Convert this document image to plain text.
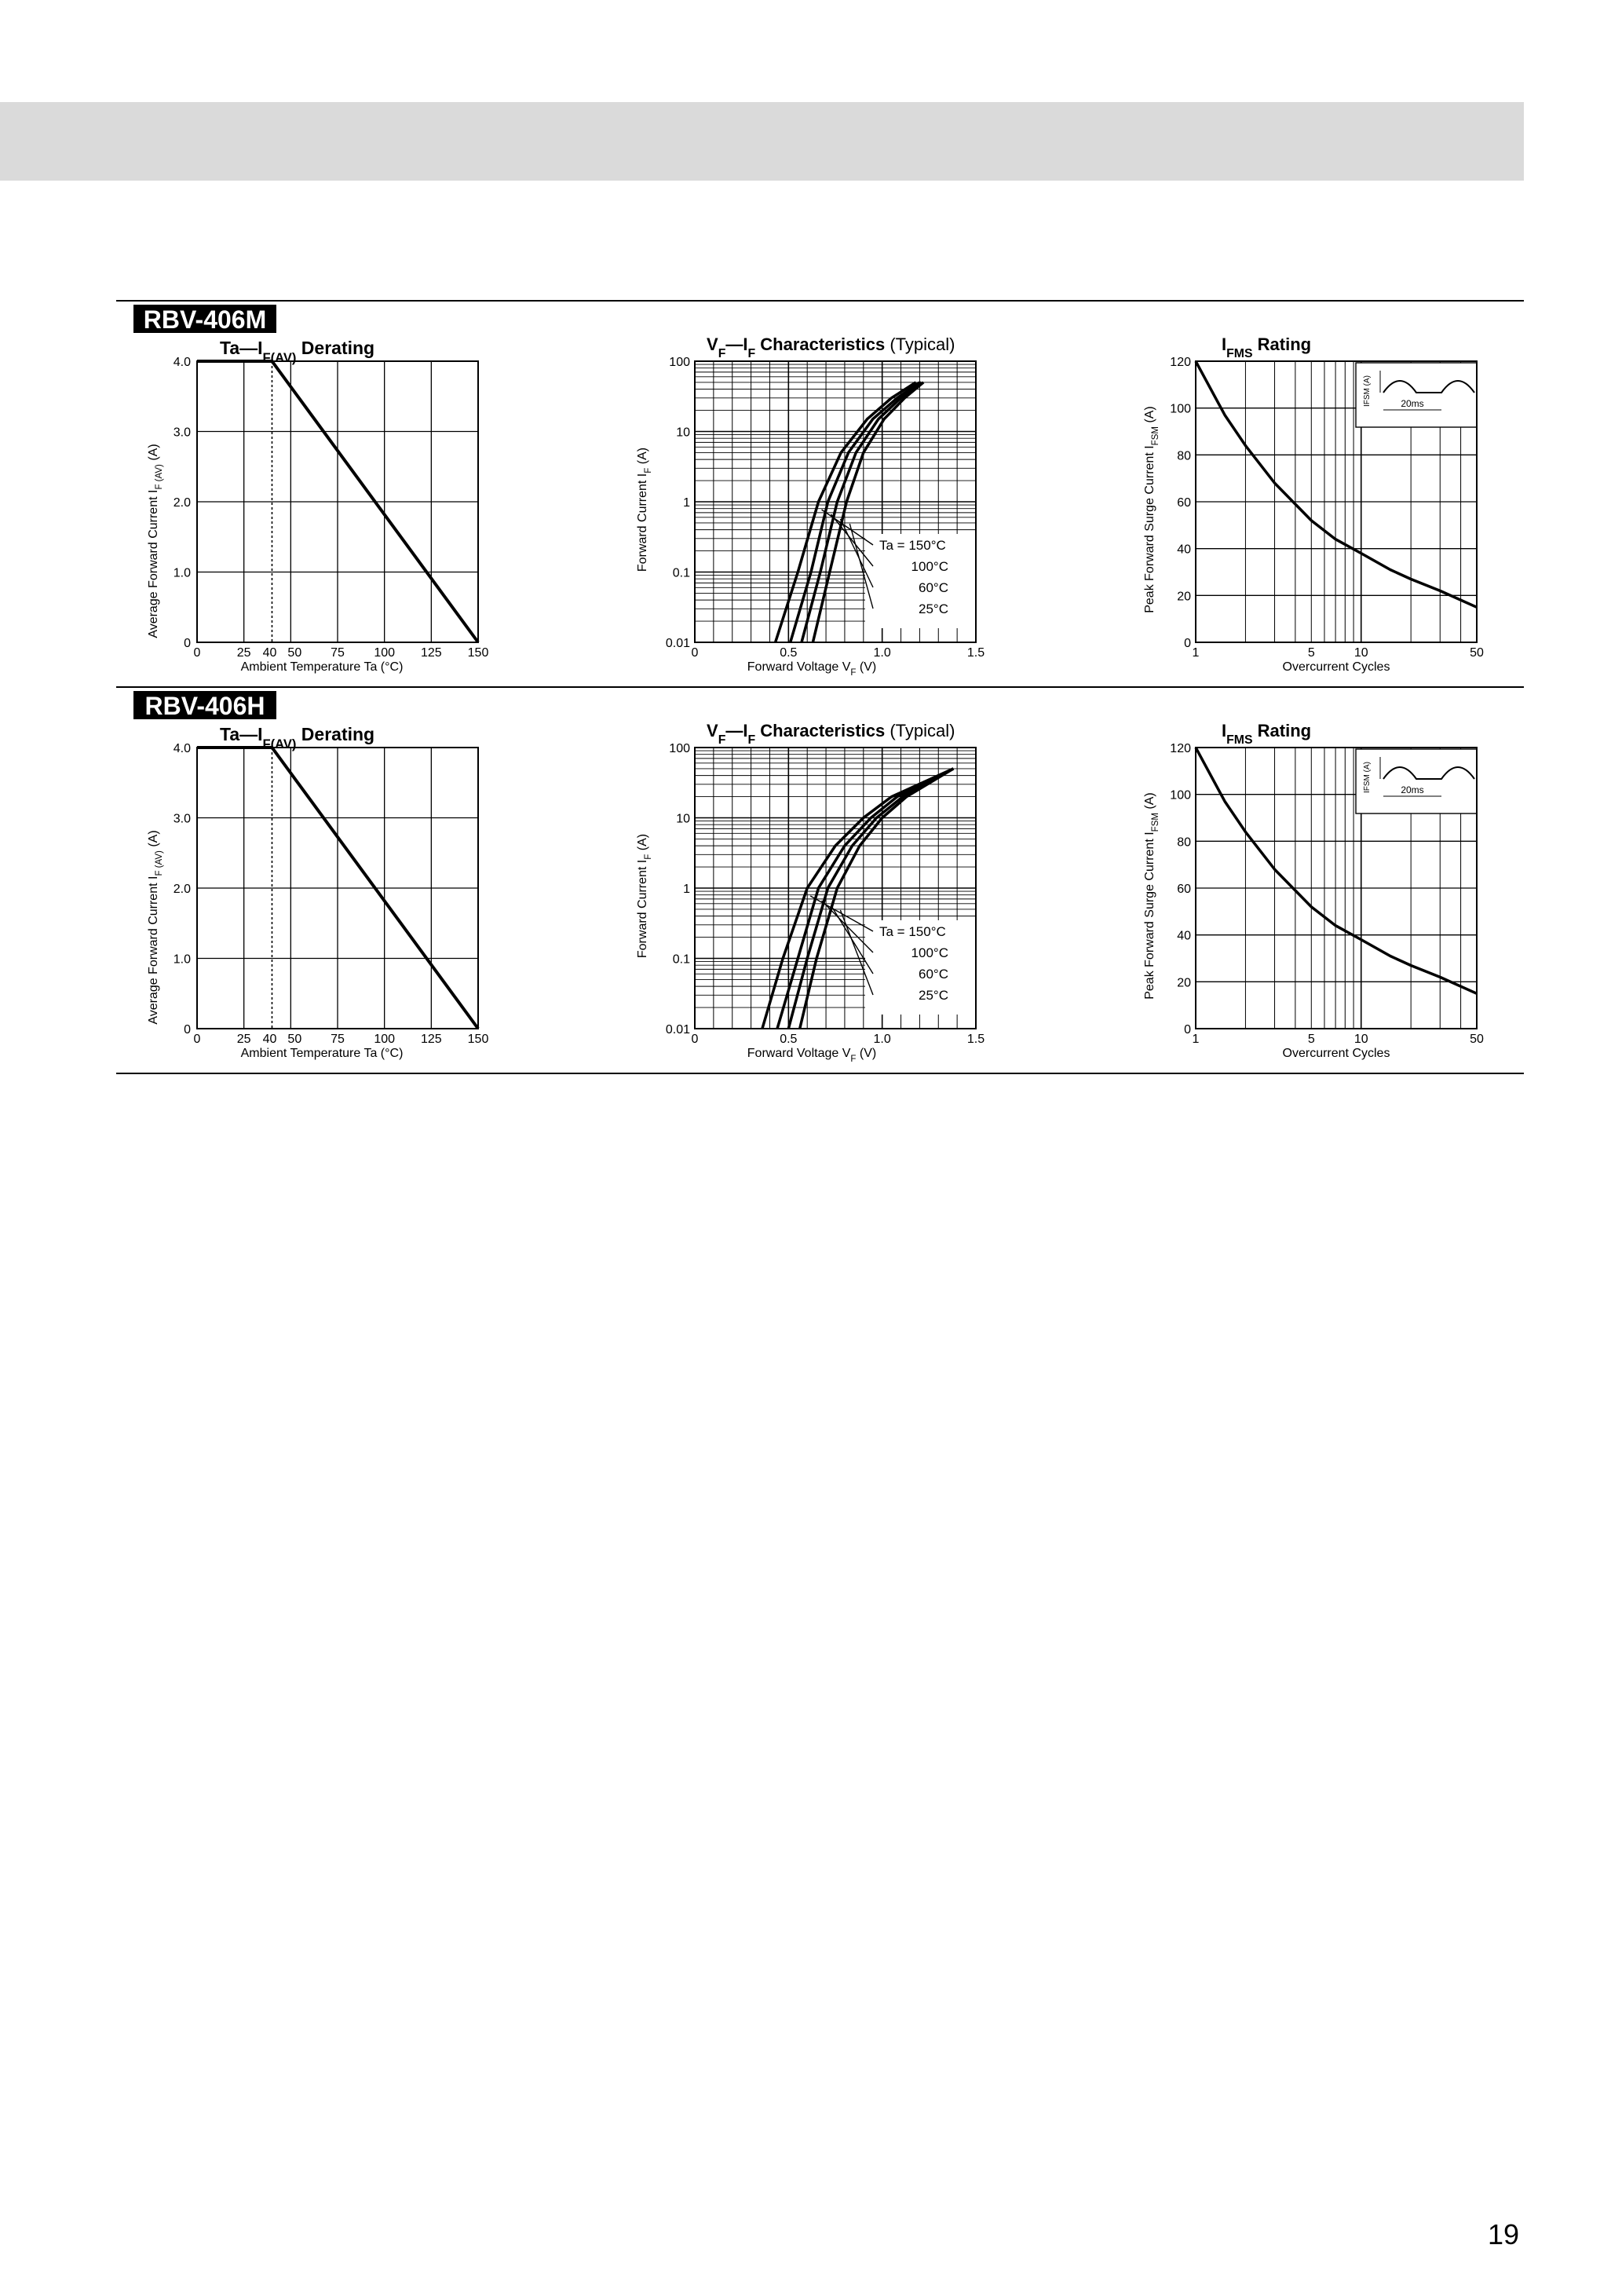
RBV-406M
$Ta—I_{F(AV)}$ Derating
0	25 40 50 75 100 125 150
0
1.0
2.0
3.0
4.0
Ambient Temperature Ta (°C)
Average Forward Current $I_{F (AV)}$ (A)
$V_F—I_F$ Characteristics (Typical)
Ta = 150°C
100°C
60°C
25°C
0	0.5	1.0	1.5
0.01
0.1
1
10
100
Forward Voltage $V_F$ (V)
Forward Current $I_F$ (A)
$I_{FMS}$ Rating
IFSM (A)	20ms
1	5	10	50
0
20
40
60
80
100
120
Overcurrent Cycles
Peak Forward Surge Current $I_{FSM}$ (A)
RBV-406H
$Ta—I_{F(AV)}$ Derating
0	25 40 50 75 100 125 150
0
1.0
2.0
3.0
4.0
Ambient Temperature Ta (°C)
Average Forward Current $I_{F (AV)}$ (A)
$V_F—I_F$ Characteristics (Typical)
Ta = 150°C
100°C
60°C
25°C
0	0.5	1.0	1.5
0.01
0.1
1
10
100
Forward Voltage $V_F$ (V)
Forward Current $I_F$ (A)
$I_{FMS}$ Rating
IFSM (A)	20ms
1	5	10	50
0
20
40
60
80
100
120
Overcurrent Cycles
Peak Forward Surge Current $I_{FSM}$ (A)
19
